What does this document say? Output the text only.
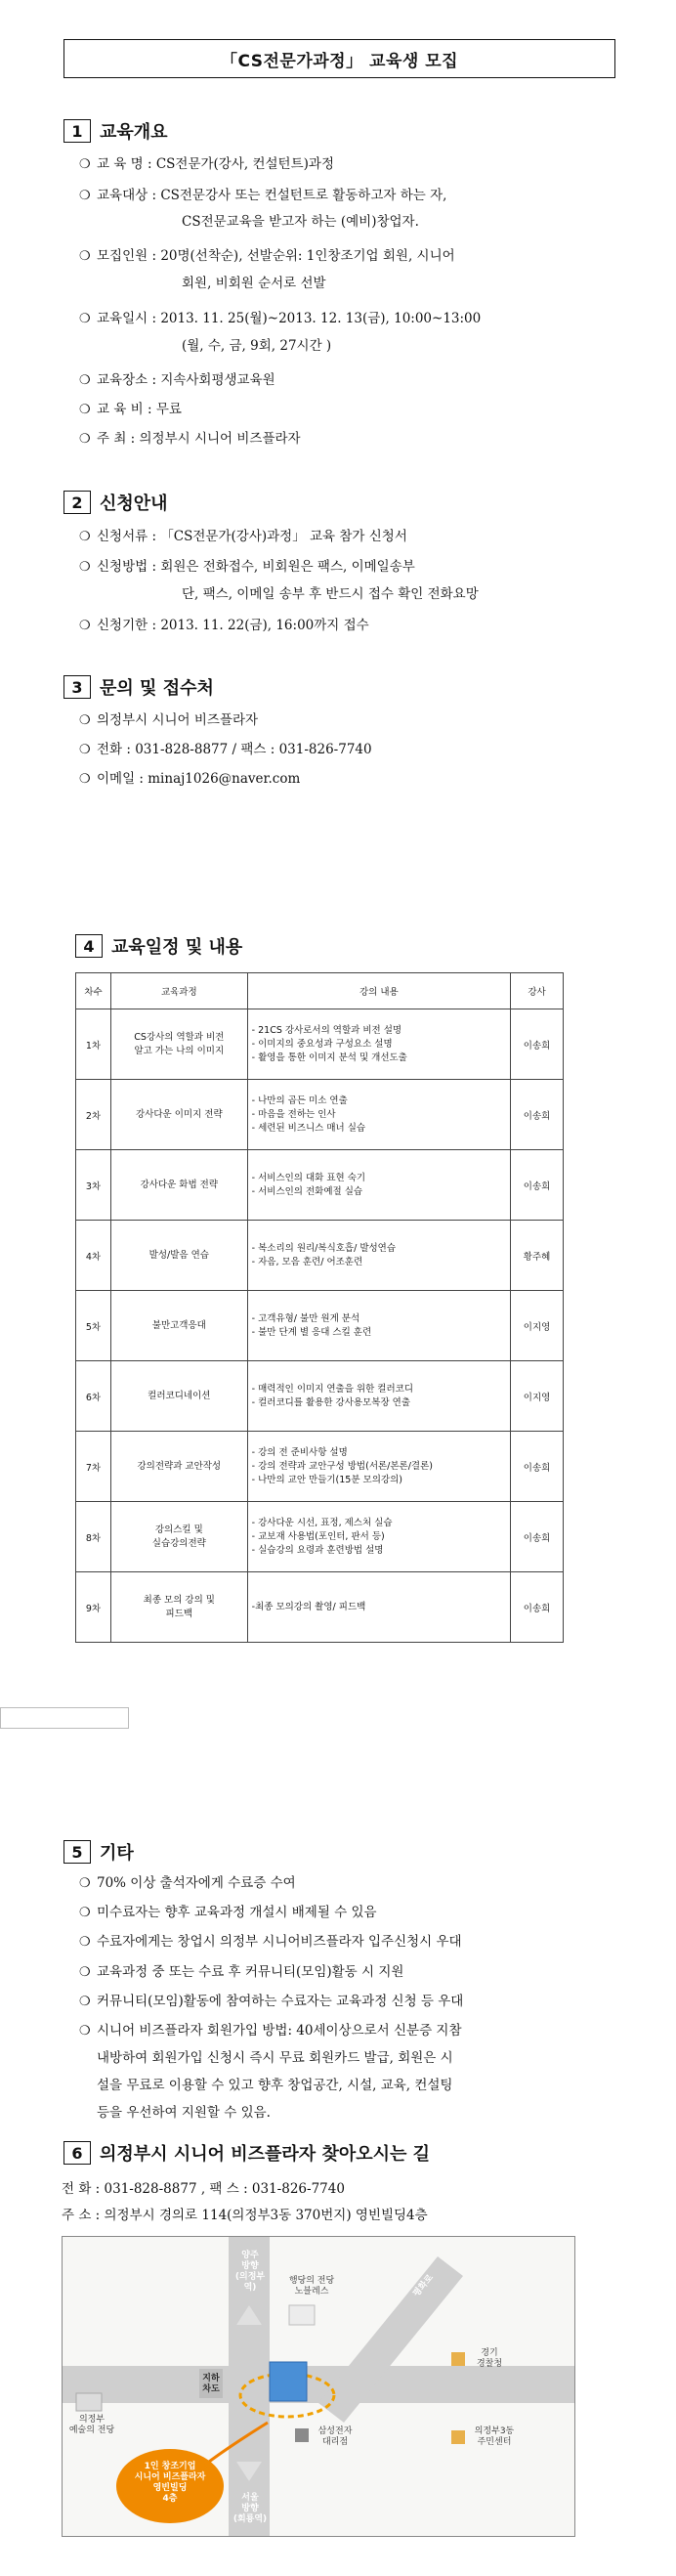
「CS전문가과정」 교육생 모집
1 교육개요
❍ 교 육 명 : CS전문가(강사, 컨설턴트)과정
❍ 교육대상 : CS전문강사 또는 컨설턴트로 활동하고자 하는 자,
CS전문교육을 받고자 하는 (예비)창업자.
❍ 모집인원 : 20명(선착순), 선발순위: 1인창조기업 회원, 시니어
회원, 비회원 순서로 선발
❍ 교육일시 : 2013. 11. 25(월)~2013. 12. 13(금), 10:00~13:00
(월, 수, 금, 9회, 27시간 )
❍ 교육장소 : 지속사회평생교육원
❍ 교 육 비 : 무료
❍ 주 최 : 의정부시 시니어 비즈플라자
2 신청안내
❍ 신청서류 : 「CS전문가(강사)과정」 교육 참가 신청서
❍ 신청방법 : 회원은 전화접수, 비회원은 팩스, 이메일송부
단, 팩스, 이메일 송부 후 반드시 접수 확인 전화요망
❍ 신청기한 : 2013. 11. 22(금), 16:00까지 접수
3 문의 및 접수처
❍ 의정부시 시니어 비즈플라자
❍ 전화 : 031-828-8877 / 팩스 : 031-826-7740
❍ 이메일 : minaj1026@naver.com
4 교육일정 및 내용
차수	교육과정	강의 내용	강사
1차	CS강사의 역할과 비전
알고 가는 나의 이미지	- 21CS 강사로서의 역할과 비전 설명
- 이미지의 중요성과 구성요소 설명
- 활영을 통한 이미지 분석 및 개선도출	이송희
2차	강사다운 이미지 전략	- 나만의 곱든 미소 연출
- 마음을 전하는 인사
- 세련된 비즈니스 매너 실습	이송희
3차	강사다운 화법 전략	- 서비스인의 대화 표현 숙기
- 서비스인의 전화예절 실습	이송희
4차	발성/발음 연습	- 복소리의 원리/복식호흡/ 발성연습
- 자음, 모음 훈련/ 어조훈련	황주혜
5차	불만고객응대	- 고객유형/ 불만 원게 분석
- 불만 단계 별 응대 스킬 훈련	이지영
6차	컬러코디네이션	- 매력적인 이미지 연출을 위한 컬러코디
- 컬러코디를 활용한 강사용모복장 연출	이지영
7차	강의전략과 교안작성	- 강의 전 준비사항 설명
- 강의 전략과 교안구성 방법(서론/본론/결론)
- 나만의 교안 만들기(15분 모의강의)	이송희
8차	강의스킬 및
실습강의전략	- 강사다운 시선, 표정, 제스처 실습
- 교보재 사용법(포인터, 판서 등)
- 실습강의 요령과 훈련방법 설명	이송희
9차	최종 모의 강의 및
피드백	-최종 모의강의 촬영/ 피드백	이송희
5 기타
❍ 70% 이상 출석자에게 수료증 수여
❍ 미수료자는 향후 교육과정 개설시 배제될 수 있음
❍ 수료자에게는 창업시 의정부 시니어비즈플라자 입주신청시 우대
❍ 교육과정 중 또는 수료 후 커뮤니티(모임)활동 시 지원
❍ 커뮤니티(모임)활동에 참여하는 수료자는 교육과정 신청 등 우대
❍ 시니어 비즈플라자 회원가입 방법: 40세이상으로서 신분증 지참
내방하여 회원가입 신청시 즉시 무료 회원카드 발급, 회원은 시
설을 무료로 이용할 수 있고 향후 창업공간, 시설, 교육, 컨설팅
등을 우선하여 지원할 수 있음.
6 의정부시 시니어 비즈플라자 찾아오시는 길
전 화 : 031-828-8877 , 팩 스 : 031-826-7740
주 소 : 의정부시 경의로 114(의정부3동 370번지) 영빈빌딩4층
양주
방향
(의정부역)
행당의 전당
노블레스	평화로
경기
경찰청
지하
차도
의정부
예술의 전당	삼성전자
대리점
의정부3동
주민센터
서울
방향
(회룡역)
1인 창조기업
시니어 비즈플라자
영빈빌딩
4층
